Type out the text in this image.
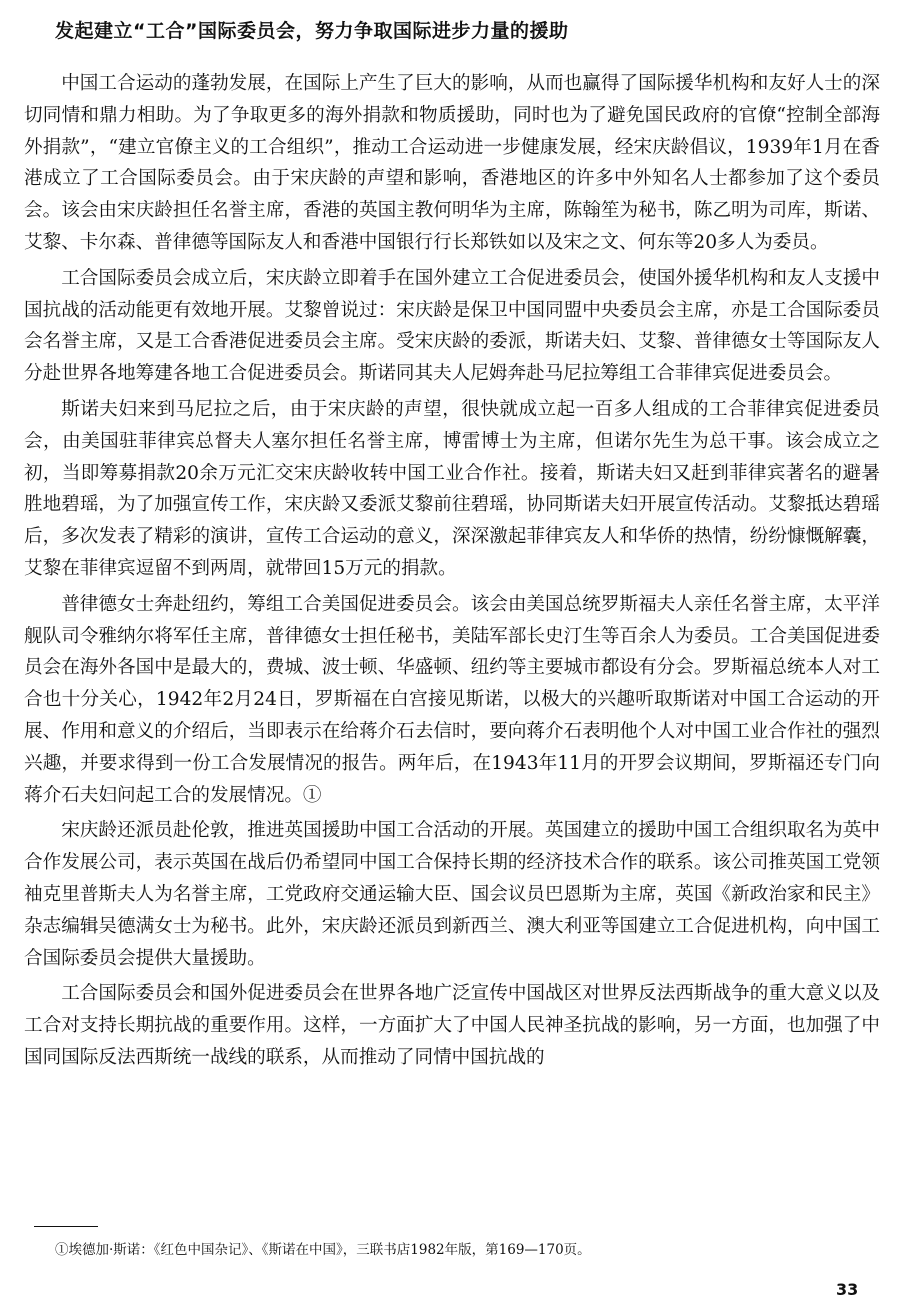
发起建立“工合”国际委员会，努力争取国际进步力量的援助

中国工合运动的蓬勃发展，在国际上产生了巨大的影响，从而也赢得了国际援华机构和友好人士的深切同情和鼎力相助。为了争取更多的海外捐款和物质援助，同时也为了避免国民政府的官僚“控制全部海外捐款”，“建立官僚主义的工合组织”，推动工合运动进一步健康发展，经宋庆龄倡议，1939年1月在香港成立了工合国际委员会。由于宋庆龄的声望和影响，香港地区的许多中外知名人士都参加了这个委员会。该会由宋庆龄担任名誉主席，香港的英国主教何明华为主席，陈翰笙为秘书，陈乙明为司库，斯诺、艾黎、卡尔森、普律德等国际友人和香港中国银行行长郑铁如以及宋之文、何东等20多人为委员。

工合国际委员会成立后，宋庆龄立即着手在国外建立工合促进委员会，使国外援华机构和友人支援中国抗战的活动能更有效地开展。艾黎曾说过：宋庆龄是保卫中国同盟中央委员会主席，亦是工合国际委员会名誉主席，又是工合香港促进委员会主席。受宋庆龄的委派，斯诺夫妇、艾黎、普律德女士等国际友人分赴世界各地筹建各地工合促进委员会。斯诺同其夫人尼姆奔赴马尼拉筹组工合菲律宾促进委员会。

斯诺夫妇来到马尼拉之后，由于宋庆龄的声望，很快就成立起一百多人组成的工合菲律宾促进委员会，由美国驻菲律宾总督夫人塞尔担任名誉主席，博雷博士为主席，但诺尔先生为总干事。该会成立之初，当即筹募捐款20余万元汇交宋庆龄收转中国工业合作社。接着，斯诺夫妇又赶到菲律宾著名的避暑胜地碧瑶，为了加强宣传工作，宋庆龄又委派艾黎前往碧瑶，协同斯诺夫妇开展宣传活动。艾黎抵达碧瑶后，多次发表了精彩的演讲，宣传工合运动的意义，深深激起菲律宾友人和华侨的热情，纷纷慷慨解囊，艾黎在菲律宾逗留不到两周，就带回15万元的捐款。

普律德女士奔赴纽约，筹组工合美国促进委员会。该会由美国总统罗斯福夫人亲任名誉主席，太平洋舰队司令雅纳尔将军任主席，普律德女士担任秘书，美陆军部长史汀生等百余人为委员。工合美国促进委员会在海外各国中是最大的，费城、波士顿、华盛顿、纽约等主要城市都设有分会。罗斯福总统本人对工合也十分关心，1942年2月24日，罗斯福在白宫接见斯诺，以极大的兴趣听取斯诺对中国工合运动的开展、作用和意义的介绍后，当即表示在给蒋介石去信时，要向蒋介石表明他个人对中国工业合作社的强烈兴趣，并要求得到一份工合发展情况的报告。两年后，在1943年11月的开罗会议期间，罗斯福还专门向蒋介石夫妇问起工合的发展情况。①

宋庆龄还派员赴伦敦，推进英国援助中国工合活动的开展。英国建立的援助中国工合组织取名为英中合作发展公司，表示英国在战后仍希望同中国工合保持长期的经济技术合作的联系。该公司推英国工党领袖克里普斯夫人为名誉主席，工党政府交通运输大臣、国会议员巴恩斯为主席，英国《新政治家和民主》杂志编辑吴德满女士为秘书。此外，宋庆龄还派员到新西兰、澳大利亚等国建立工合促进机构，向中国工合国际委员会提供大量援助。

工合国际委员会和国外促进委员会在世界各地广泛宣传中国战区对世界反法西斯战争的重大意义以及工合对支持长期抗战的重要作用。这样，一方面扩大了中国人民神圣抗战的影响，另一方面，也加强了中国同国际反法西斯统一战线的联系，从而推动了同情中国抗战的

①埃德加·斯诺：《红色中国杂记》、《斯诺在中国》，三联书店1982年版，第169—170页。
33
